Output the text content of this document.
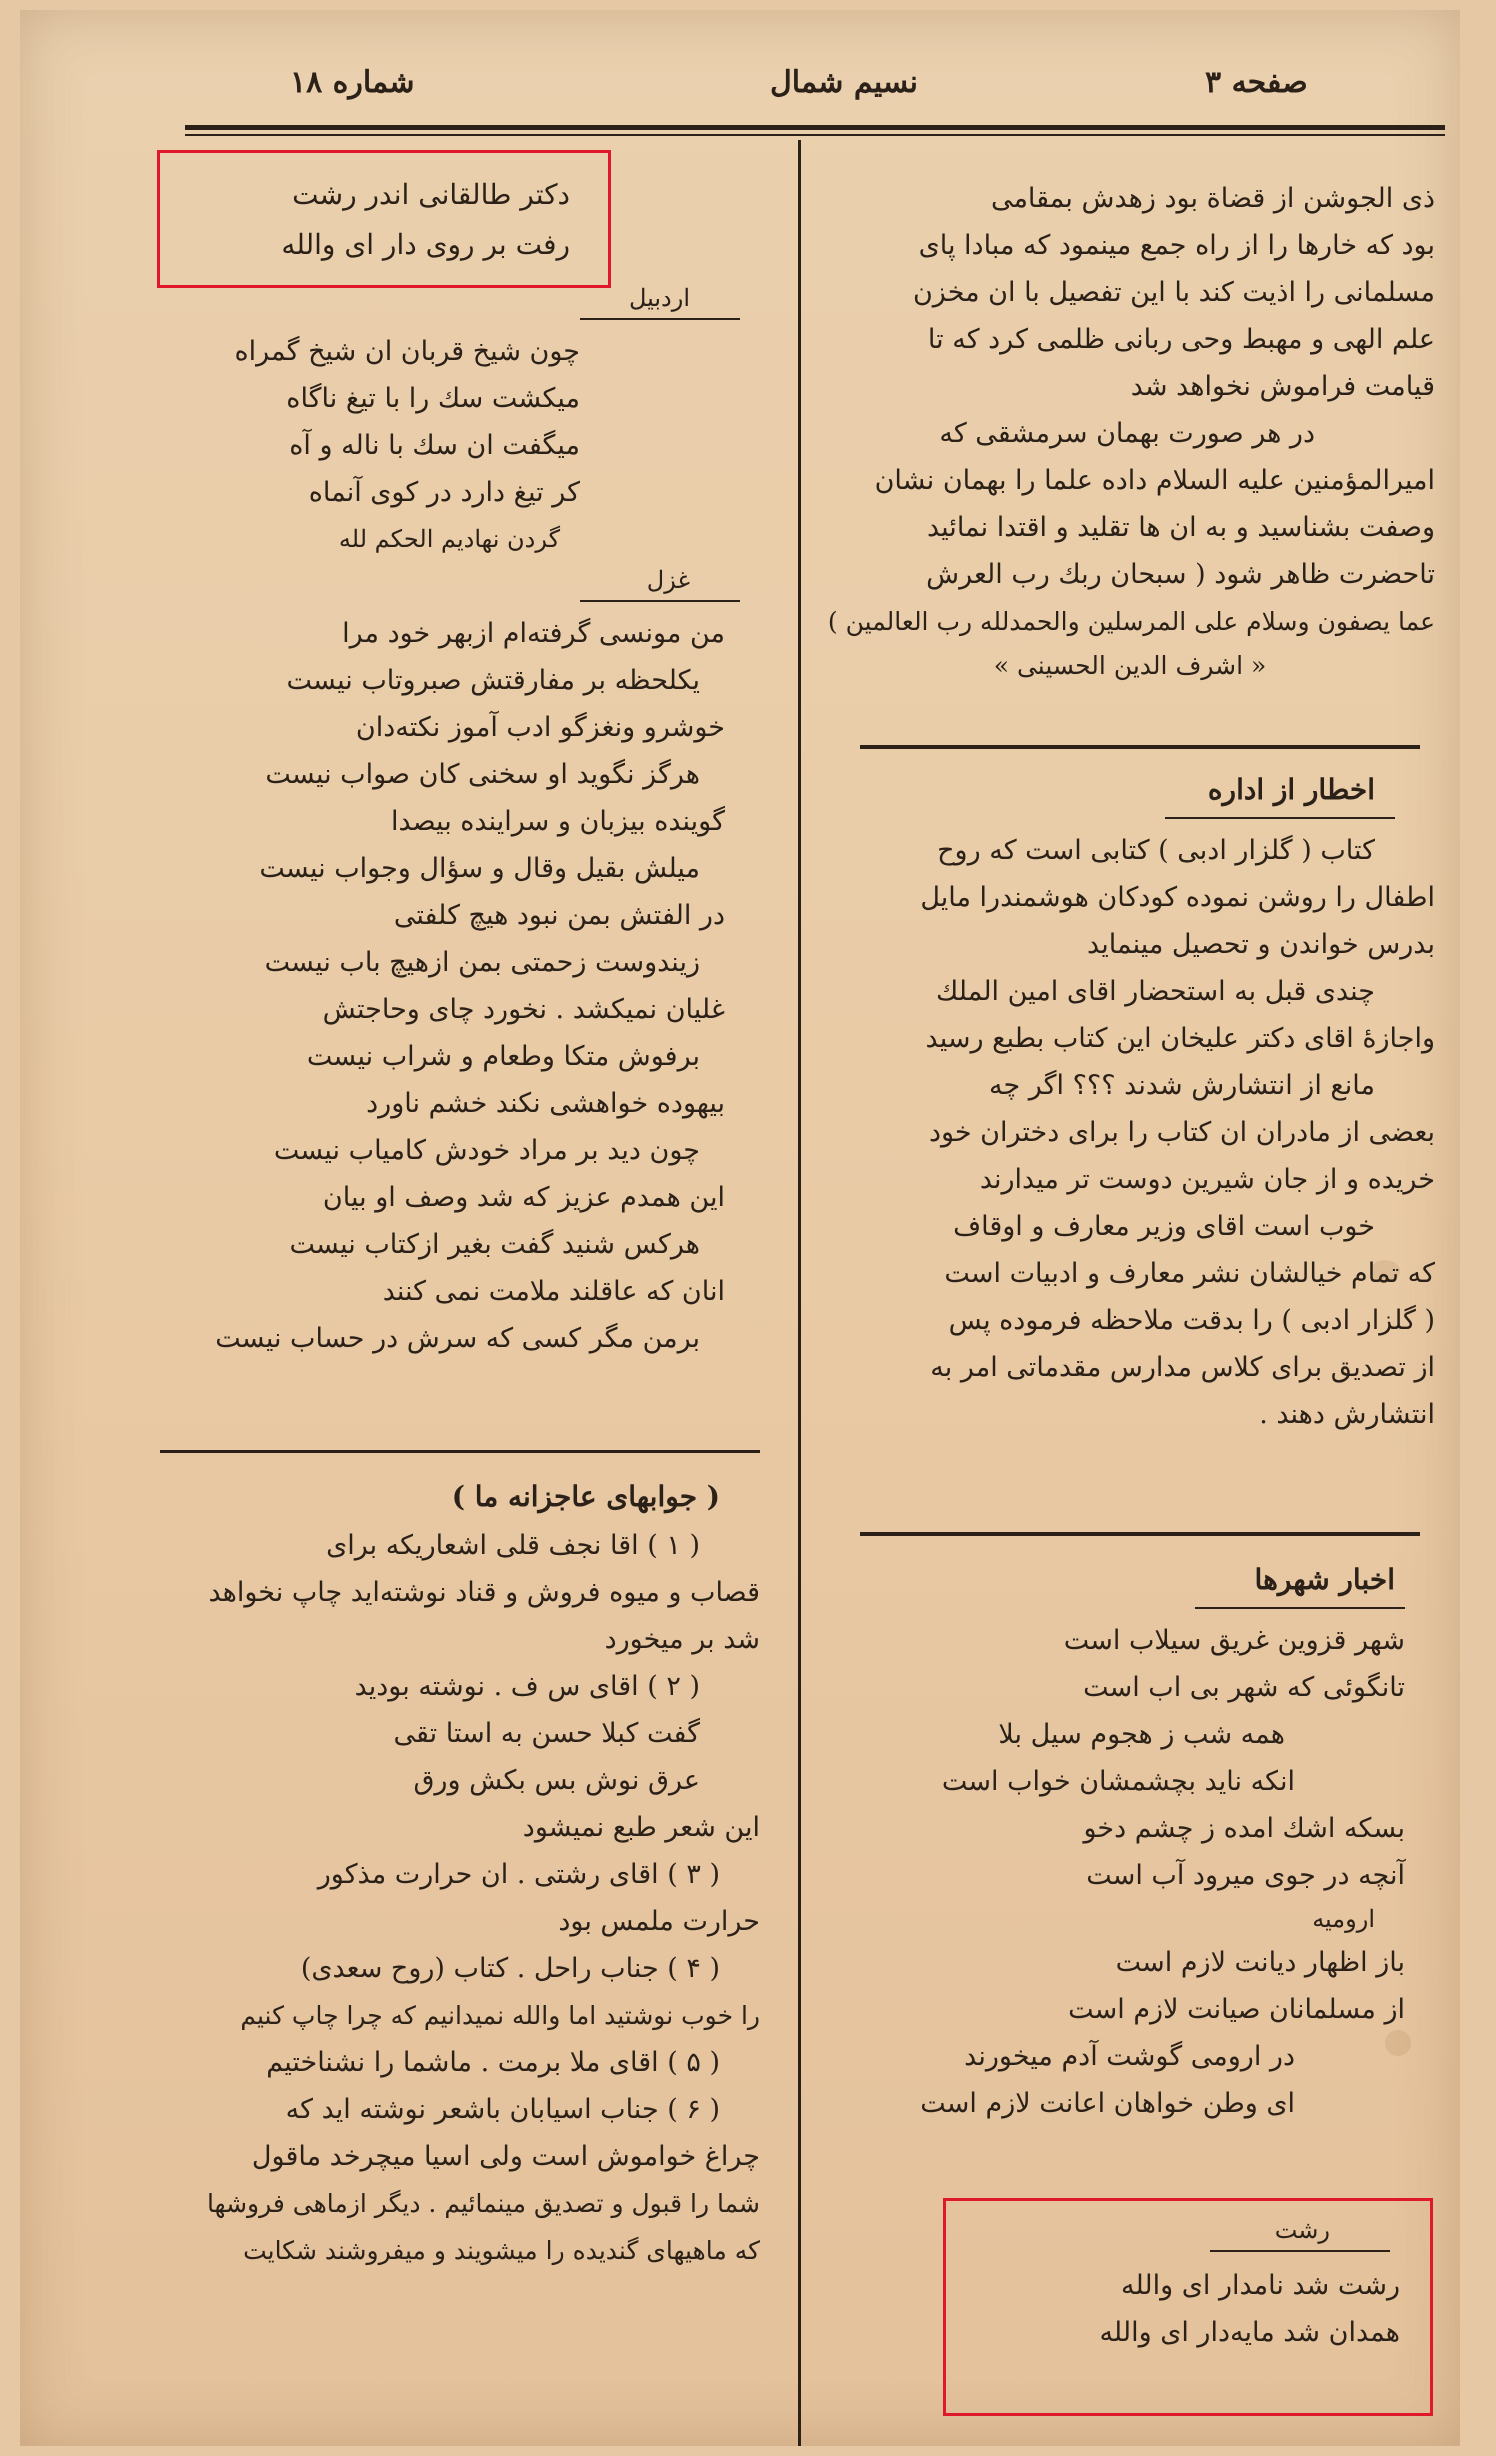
شماره ۱۸	نسیم شمال	صفحه ۳
ذی الجوشن از قضاة بود زهدش بمقامی
بود که خارها را از راه جمع مینمود که مبادا پای
مسلمانی را اذیت کند با این تفصیل با ان مخزن
علم الهی و مهبط وحی ربانی ظلمی کرد که تا
قیامت فراموش نخواهد شد
در هر صورت بهمان سرمشقی که
امیرالمؤمنین علیه السلام داده علما را بهمان نشان
وصفت بشناسید و به ان ها تقلید و اقتدا نمائید
تاحضرت ظاهر شود ( سبحان ربك رب العرش
عما یصفون وسلام علی المرسلین والحمدلله رب العالمین )
« اشرف الدین الحسینی »
اخطار از اداره
کتاب ( گلزار ادبی ) کتابی است که روح
اطفال را روشن نموده کودکان هوشمندرا مایل
بدرس خواندن و تحصیل مینماید
چندی قبل به استحضار اقای امین الملك
واجازهٔ اقای دکتر علیخان این کتاب بطبع رسید
مانع از انتشارش شدند ؟؟؟ اگر چه
بعضی از مادران ان کتاب را برای دختران خود
خریده و از جان شیرین دوست تر میدارند
خوب است اقای وزیر معارف و اوقاف
که تمام خیالشان نشر معارف و ادبیات است
( گلزار ادبی ) را بدقت ملاحظه فرموده پس
از تصدیق برای کلاس مدارس مقدماتی امر به
انتشارش دهند .
اخبار شهرها
شهر قزوین غریق سیلاب است
تانگوئی که شهر بی اب است
همه شب ز هجوم سیل بلا
انکه ناید بچشمشان خواب است
بسکه اشك امده ز چشم دخو
آنچه در جوی میرود آب است
ارومیه
باز اظهار دیانت لازم است
از مسلمانان صیانت لازم است
در ارومی گوشت آدم میخورند
ای وطن خواهان اعانت لازم است
رشت
رشت شد نامدار ای والله
همدان شد مایه‌دار ای والله
دکتر طالقانی اندر رشت
رفت بر روی دار ای والله
اردبیل
چون شیخ قربان ان شیخ گمراه
میکشت سك را با تیغ ناگاه
میگفت ان سك با ناله و آه
کر تیغ دارد در کوی آنماه
گردن نهادیم الحکم لله
غزل
من مونسی گرفته‌ام ازبهر خود مرا
یکلحظه بر مفارقتش صبروتاب نیست
خوشرو ونغزگو ادب آموز نکته‌دان
هرگز نگوید او سخنی کان صواب نیست
گوینده بیزبان و سراینده بیصدا
میلش بقیل وقال و سؤال وجواب نیست
در الفتش بمن نبود هیچ کلفتی
زیندوست زحمتی بمن ازهیچ باب نیست
غلیان نمیکشد . نخورد چای وحاجتش
برفوش متکا وطعام و شراب نیست
بیهوده خواهشی نکند خشم ناورد
چون دید بر مراد خودش کامیاب نیست
این همدم عزیز که شد وصف او بیان
هرکس شنید گفت بغیر ازکتاب نیست
انان که عاقلند ملامت نمی کنند
برمن مگر کسی که سرش در حساب نیست
( جوابهای عاجزانه ما )
( ۱ ) اقا نجف قلی اشعاریکه برای
قصاب و میوه فروش و قناد نوشته‌اید چاپ نخواهد
شد بر میخورد
( ۲ ) اقای س ف . نوشته بودید
گفت کبلا حسن به استا تقی
عرق نوش بس بکش ورق
این شعر طبع نمیشود
( ۳ ) اقای رشتی . ان حرارت مذکور
حرارت ملمس بود
( ۴ ) جناب راحل . کتاب (روح سعدی)
را خوب نوشتید اما والله نمیدانیم که چرا چاپ کنیم
( ۵ ) اقای ملا برمت . ماشما را نشناختیم
( ۶ ) جناب اسیابان باشعر نوشته اید که
چراغ خواموش است ولی اسیا میچرخد ماقول
شما را قبول و تصدیق مینمائیم . دیگر ازماهی فروشها
که ماهیهای گندیده را میشویند و میفروشند شکایت
